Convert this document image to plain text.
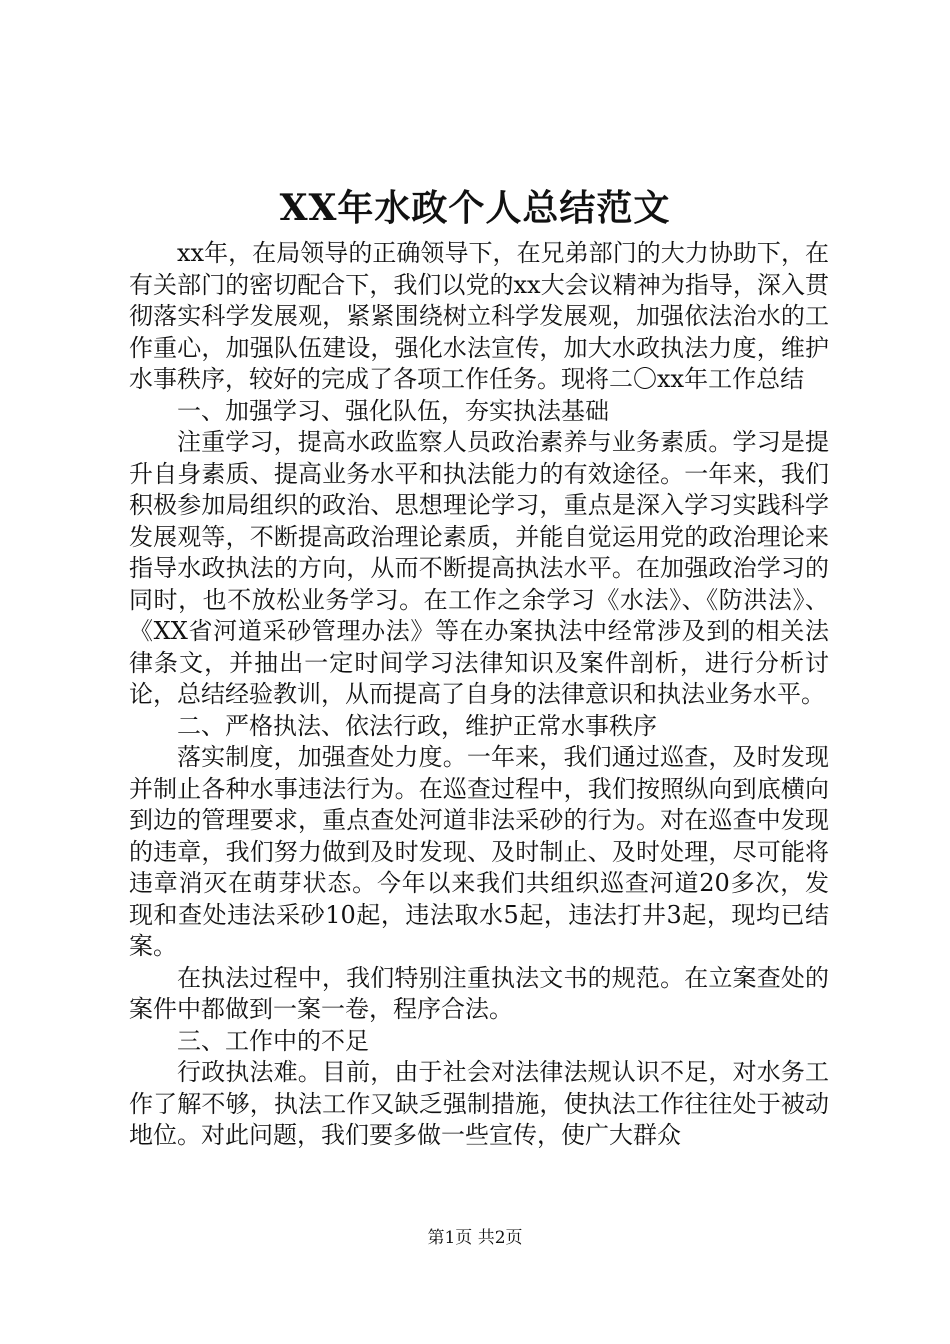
XX年水政个人总结范文

xx年，在局领导的正确领导下，在兄弟部门的大力协助下，在有关部门的密切配合下，我们以党的xx大会议精神为指导，深入贯彻落实科学发展观，紧紧围绕树立科学发展观，加强依法治水的工作重心，加强队伍建设，强化水法宣传，加大水政执法力度，维护水事秩序，较好的完成了各项工作任务。现将二〇xx年工作总结

一、加强学习、强化队伍，夯实执法基础

注重学习，提高水政监察人员政治素养与业务素质。学习是提升自身素质、提高业务水平和执法能力的有效途径。一年来，我们积极参加局组织的政治、思想理论学习，重点是深入学习实践科学发展观等，不断提高政治理论素质，并能自觉运用党的政治理论来指导水政执法的方向，从而不断提高执法水平。在加强政治学习的同时，也不放松业务学习。在工作之余学习《水法》、《防洪法》、《XX省河道采砂管理办法》等在办案执法中经常涉及到的相关法律条文，并抽出一定时间学习法律知识及案件剖析，进行分析讨论，总结经验教训，从而提高了自身的法律意识和执法业务水平。

二、严格执法、依法行政，维护正常水事秩序

落实制度，加强查处力度。一年来，我们通过巡查，及时发现并制止各种水事违法行为。在巡查过程中，我们按照纵向到底横向到边的管理要求，重点查处河道非法采砂的行为。对在巡查中发现的违章，我们努力做到及时发现、及时制止、及时处理，尽可能将违章消灭在萌芽状态。今年以来我们共组织巡查河道20多次，发现和查处违法采砂10起，违法取水5起，违法打井3起，现均已结案。

在执法过程中，我们特别注重执法文书的规范。在立案查处的案件中都做到一案一卷，程序合法。

三、工作中的不足

行政执法难。目前，由于社会对法律法规认识不足，对水务工作了解不够，执法工作又缺乏强制措施，使执法工作往往处于被动地位。对此问题，我们要多做一些宣传，使广大群众

第1页 共2页
